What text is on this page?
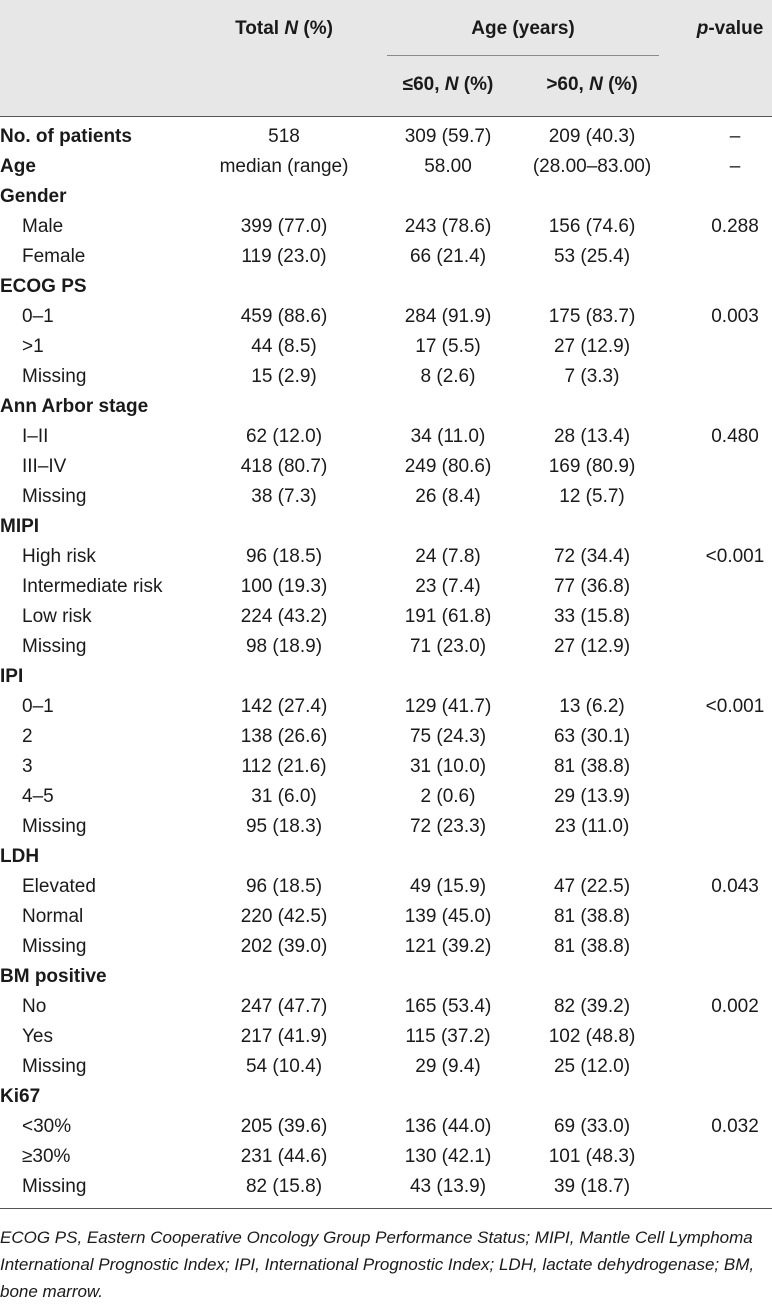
Total N (%)	Age (years)	p-value
≤60, N (%)	>60, N (%)
No. of patients	518	309 (59.7)	209 (40.3)	–
Age	median (range)	58.00	(28.00–83.00)	–
Gender
Male	399 (77.0)	243 (78.6)	156 (74.6)	0.288
Female	119 (23.0)	66 (21.4)	53 (25.4)
ECOG PS
0–1	459 (88.6)	284 (91.9)	175 (83.7)	0.003
>1	44 (8.5)	17 (5.5)	27 (12.9)
Missing	15 (2.9)	8 (2.6)	7 (3.3)
Ann Arbor stage
I–II	62 (12.0)	34 (11.0)	28 (13.4)	0.480
III–IV	418 (80.7)	249 (80.6)	169 (80.9)
Missing	38 (7.3)	26 (8.4)	12 (5.7)
MIPI
High risk	96 (18.5)	24 (7.8)	72 (34.4)	<0.001
Intermediate risk	100 (19.3)	23 (7.4)	77 (36.8)
Low risk	224 (43.2)	191 (61.8)	33 (15.8)
Missing	98 (18.9)	71 (23.0)	27 (12.9)
IPI
0–1	142 (27.4)	129 (41.7)	13 (6.2)	<0.001
2	138 (26.6)	75 (24.3)	63 (30.1)
3	112 (21.6)	31 (10.0)	81 (38.8)
4–5	31 (6.0)	2 (0.6)	29 (13.9)
Missing	95 (18.3)	72 (23.3)	23 (11.0)
LDH
Elevated	96 (18.5)	49 (15.9)	47 (22.5)	0.043
Normal	220 (42.5)	139 (45.0)	81 (38.8)
Missing	202 (39.0)	121 (39.2)	81 (38.8)
BM positive
No	247 (47.7)	165 (53.4)	82 (39.2)	0.002
Yes	217 (41.9)	115 (37.2)	102 (48.8)
Missing	54 (10.4)	29 (9.4)	25 (12.0)
Ki67
<30%	205 (39.6)	136 (44.0)	69 (33.0)	0.032
≥30%	231 (44.6)	130 (42.1)	101 (48.3)
Missing	82 (15.8)	43 (13.9)	39 (18.7)
ECOG PS, Eastern Cooperative Oncology Group Performance Status; MIPI, Mantle Cell Lymphoma International Prognostic Index; IPI, International Prognostic Index; LDH, lactate dehydrogenase; BM, bone marrow.
